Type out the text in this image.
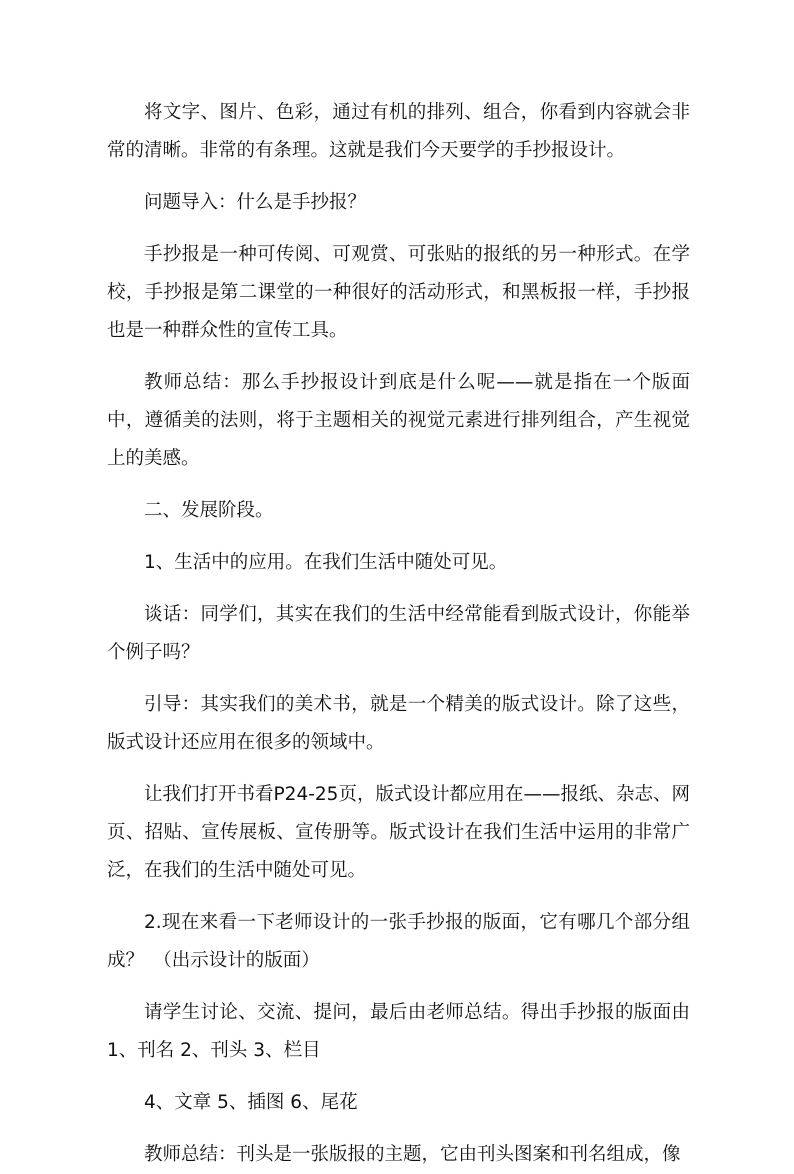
将文字、图片、色彩，通过有机的排列、组合，你看到内容就会非常的清晰。非常的有条理。这就是我们今天要学的手抄报设计。

问题导入：什么是手抄报？

手抄报是一种可传阅、可观赏、可张贴的报纸的另一种形式。在学校，手抄报是第二课堂的一种很好的活动形式，和黑板报一样，手抄报也是一种群众性的宣传工具。

教师总结：那么手抄报设计到底是什么呢——就是指在一个版面中，遵循美的法则，将于主题相关的视觉元素进行排列组合，产生视觉上的美感。

二、发展阶段。

1、生活中的应用。在我们生活中随处可见。

谈话：同学们，其实在我们的生活中经常能看到版式设计，你能举个例子吗？

引导：其实我们的美术书，就是一个精美的版式设计。除了这些，版式设计还应用在很多的领域中。

让我们打开书看P24-25页，版式设计都应用在——报纸、杂志、网页、招贴、宣传展板、宣传册等。版式设计在我们生活中运用的非常广泛，在我们的生活中随处可见。

2.现在来看一下老师设计的一张手抄报的版面，它有哪几个部分组成？　（出示设计的版面）

请学生讨论、交流、提问，最后由老师总结。得出手抄报的版面由1、刊名 2、刊头 3、栏目

4、文章 5、插图 6、尾花

教师总结：刊头是一张版报的主题，它由刊头图案和刊名组成，像
